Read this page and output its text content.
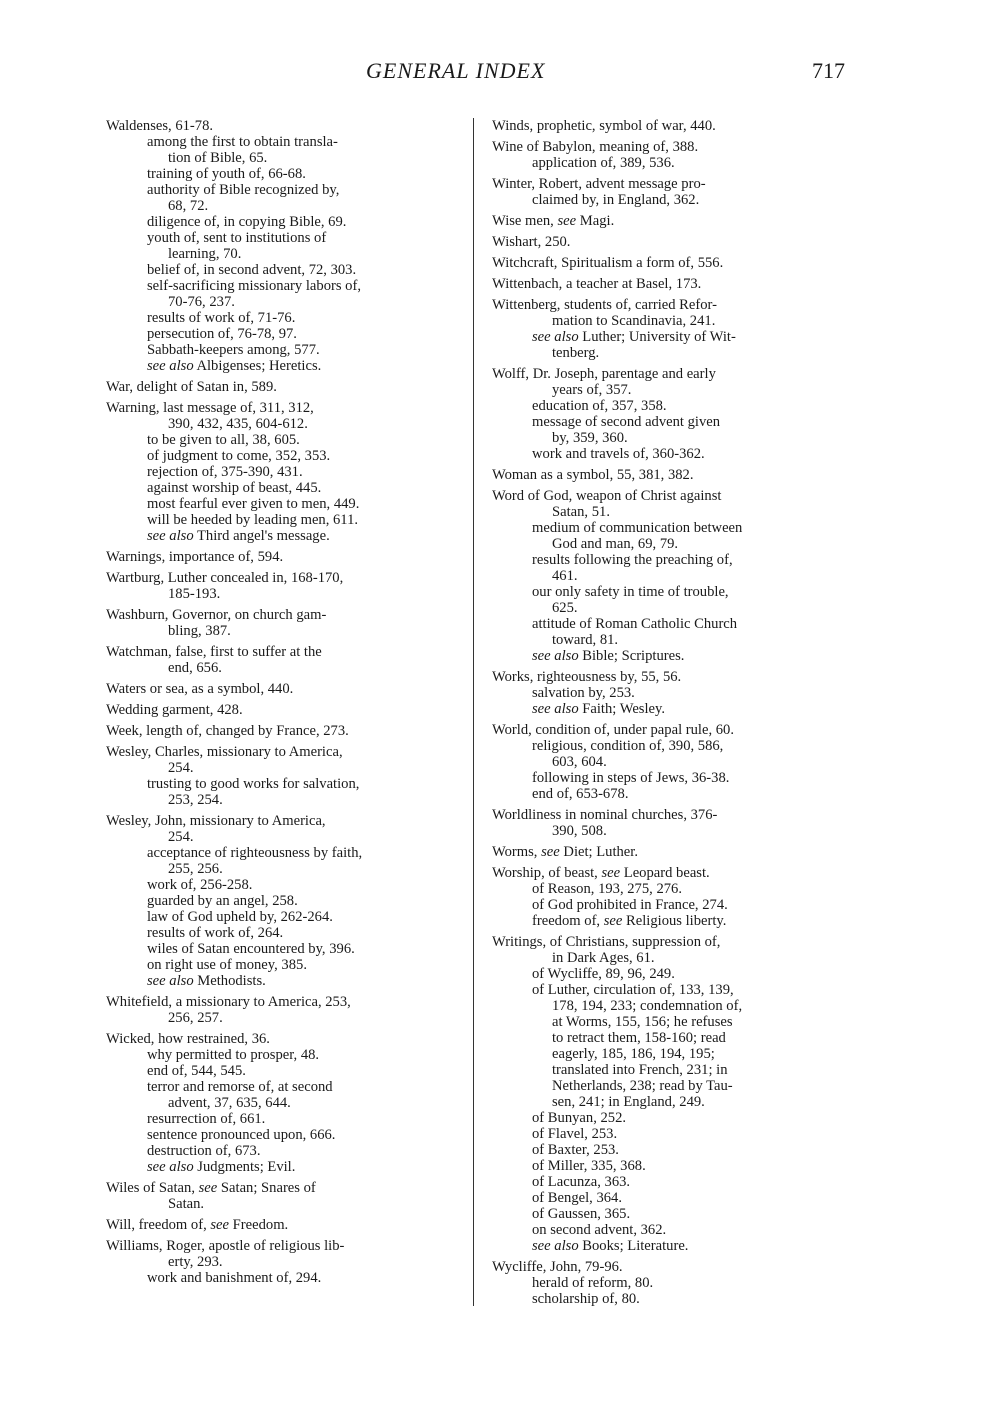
GENERAL INDEX	717
Waldenses, 61-78.
among the first to obtain transla-
tion of Bible, 65.
training of youth of, 66-68.
authority of Bible recognized by,
68, 72.
diligence of, in copying Bible, 69.
youth of, sent to institutions of
learning, 70.
belief of, in second advent, 72, 303.
self-sacrificing missionary labors of,
70-76, 237.
results of work of, 71-76.
persecution of, 76-78, 97.
Sabbath-keepers among, 577.
see also Albigenses; Heretics.
War, delight of Satan in, 589.
Warning, last message of, 311, 312,
390, 432, 435, 604-612.
to be given to all, 38, 605.
of judgment to come, 352, 353.
rejection of, 375-390, 431.
against worship of beast, 445.
most fearful ever given to men, 449.
will be heeded by leading men, 611.
see also Third angel's message.
Warnings, importance of, 594.
Wartburg, Luther concealed in, 168-170,
185-193.
Washburn, Governor, on church gam-
bling, 387.
Watchman, false, first to suffer at the
end, 656.
Waters or sea, as a symbol, 440.
Wedding garment, 428.
Week, length of, changed by France, 273.
Wesley, Charles, missionary to America,
254.
trusting to good works for salvation,
253, 254.
Wesley, John, missionary to America,
254.
acceptance of righteousness by faith,
255, 256.
work of, 256-258.
guarded by an angel, 258.
law of God upheld by, 262-264.
results of work of, 264.
wiles of Satan encountered by, 396.
on right use of money, 385.
see also Methodists.
Whitefield, a missionary to America, 253,
256, 257.
Wicked, how restrained, 36.
why permitted to prosper, 48.
end of, 544, 545.
terror and remorse of, at second
advent, 37, 635, 644.
resurrection of, 661.
sentence pronounced upon, 666.
destruction of, 673.
see also Judgments; Evil.
Wiles of Satan, see Satan; Snares of
Satan.
Will, freedom of, see Freedom.
Williams, Roger, apostle of religious lib-
erty, 293.
work and banishment of, 294.
Winds, prophetic, symbol of war, 440.
Wine of Babylon, meaning of, 388.
application of, 389, 536.
Winter, Robert, advent message pro-
claimed by, in England, 362.
Wise men, see Magi.
Wishart, 250.
Witchcraft, Spiritualism a form of, 556.
Wittenbach, a teacher at Basel, 173.
Wittenberg, students of, carried Refor-
mation to Scandinavia, 241.
see also Luther; University of Wit-
tenberg.
Wolff, Dr. Joseph, parentage and early
years of, 357.
education of, 357, 358.
message of second advent given
by, 359, 360.
work and travels of, 360-362.
Woman as a symbol, 55, 381, 382.
Word of God, weapon of Christ against
Satan, 51.
medium of communication between
God and man, 69, 79.
results following the preaching of,
461.
our only safety in time of trouble,
625.
attitude of Roman Catholic Church
toward, 81.
see also Bible; Scriptures.
Works, righteousness by, 55, 56.
salvation by, 253.
see also Faith; Wesley.
World, condition of, under papal rule, 60.
religious, condition of, 390, 586,
603, 604.
following in steps of Jews, 36-38.
end of, 653-678.
Worldliness in nominal churches, 376-
390, 508.
Worms, see Diet; Luther.
Worship, of beast, see Leopard beast.
of Reason, 193, 275, 276.
of God prohibited in France, 274.
freedom of, see Religious liberty.
Writings, of Christians, suppression of,
in Dark Ages, 61.
of Wycliffe, 89, 96, 249.
of Luther, circulation of, 133, 139,
178, 194, 233; condemnation of,
at Worms, 155, 156; he refuses
to retract them, 158-160; read
eagerly, 185, 186, 194, 195;
translated into French, 231; in
Netherlands, 238; read by Tau-
sen, 241; in England, 249.
of Bunyan, 252.
of Flavel, 253.
of Baxter, 253.
of Miller, 335, 368.
of Lacunza, 363.
of Bengel, 364.
of Gaussen, 365.
on second advent, 362.
see also Books; Literature.
Wycliffe, John, 79-96.
herald of reform, 80.
scholarship of, 80.
